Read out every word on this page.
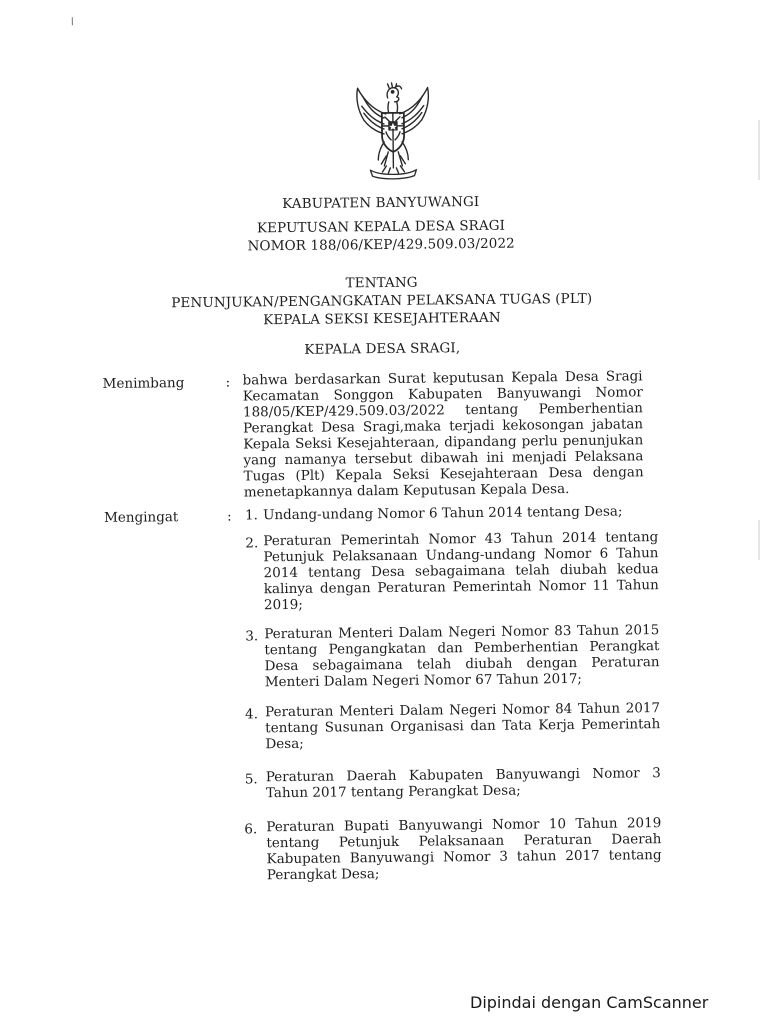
KABUPATEN BANYUWANGI
KEPUTUSAN KEPALA DESA SRAGI
NOMOR 188/06/KEP/429.509.03/2022
TENTANG
PENUNJUKAN/PENGANGKATAN PELAKSANA TUGAS (PLT)
KEPALA SEKSI KESEJAHTERAAN
KEPALA DESA SRAGI,
Menimbang	: bahwa berdasarkan Surat keputusan Kepala Desa Sragi Kecamatan Songgon Kabupaten Banyuwangi Nomor 188/05/KEP/429.509.03/2022 tentang Pemberhentian Perangkat Desa Sragi,maka terjadi kekosongan jabatan Kepala Seksi Kesejahteraan, dipandang perlu penunjukan yang namanya tersebut dibawah ini menjadi Pelaksana Tugas (Plt) Kepala Seksi Kesejahteraan Desa dengan menetapkannya dalam Keputusan Kepala Desa.
Mengingat	: 1. Undang-undang Nomor 6 Tahun 2014 tentang Desa;
2. Peraturan Pemerintah Nomor 43 Tahun 2014 tentang Petunjuk Pelaksanaan Undang-undang Nomor 6 Tahun 2014 tentang Desa sebagaimana telah diubah kedua kalinya dengan Peraturan Pemerintah Nomor 11 Tahun 2019;
3. Peraturan Menteri Dalam Negeri Nomor 83 Tahun 2015 tentang Pengangkatan dan Pemberhentian Perangkat Desa sebagaimana telah diubah dengan Peraturan Menteri Dalam Negeri Nomor 67 Tahun 2017;
4. Peraturan Menteri Dalam Negeri Nomor 84 Tahun 2017 tentang Susunan Organisasi dan Tata Kerja Pemerintah Desa;
5. Peraturan Daerah Kabupaten Banyuwangi Nomor 3 Tahun 2017 tentang Perangkat Desa;
6. Peraturan Bupati Banyuwangi Nomor 10 Tahun 2019 tentang Petunjuk Pelaksanaan Peraturan Daerah Kabupaten Banyuwangi Nomor 3 tahun 2017 tentang Perangkat Desa;
Dipindai dengan CamScanner
